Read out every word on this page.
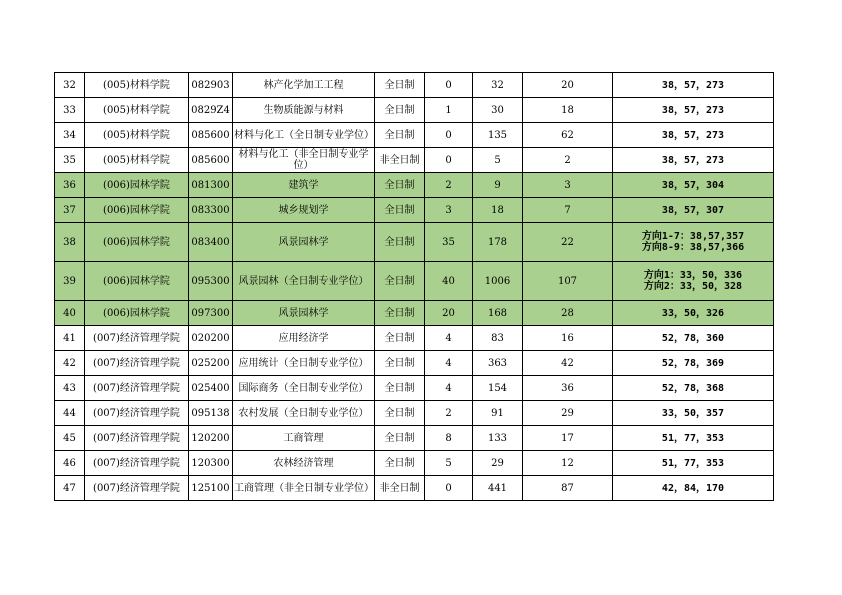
32	(005)材料学院	082903	林产化学加工工程	全日制	0	32	20	38，57，273

33	(005)材料学院	0829Z4	生物质能源与材料	全日制	1	30	18	38，57，273

34	(005)材料学院	085600	材料与化工（全日制专业学位）	全日制	0	135	62	38，57，273

35	(005)材料学院	085600	材料与化工（非全日制专业学位）	非全日制	0	5	2	38，57，273

36	(006)园林学院	081300	建筑学	全日制	2	9	3	38，57，304

37	(006)园林学院	083300	城乡规划学	全日制	3	18	7	38，57，307

38	(006)园林学院	083400	风景园林学	全日制	35	178	22	方向1-7：38,57,357
方向8-9：38,57,366

39	(006)园林学院	095300	风景园林（全日制专业学位）	全日制	40	1006	107	方向1：33，50，336
方向2：33，50，328

40	(006)园林学院	097300	风景园林学	全日制	20	168	28	33，50，326

41	(007)经济管理学院	020200	应用经济学	全日制	4	83	16	52，78，360

42	(007)经济管理学院	025200	应用统计（全日制专业学位）	全日制	4	363	42	52，78，369

43	(007)经济管理学院	025400	国际商务（全日制专业学位）	全日制	4	154	36	52，78，368

44	(007)经济管理学院	095138	农村发展（全日制专业学位）	全日制	2	91	29	33，50，357

45	(007)经济管理学院	120200	工商管理	全日制	8	133	17	51，77，353

46	(007)经济管理学院	120300	农林经济管理	全日制	5	29	12	51，77，353

47	(007)经济管理学院	125100	工商管理（非全日制专业学位）	非全日制	0	441	87	42，84，170
